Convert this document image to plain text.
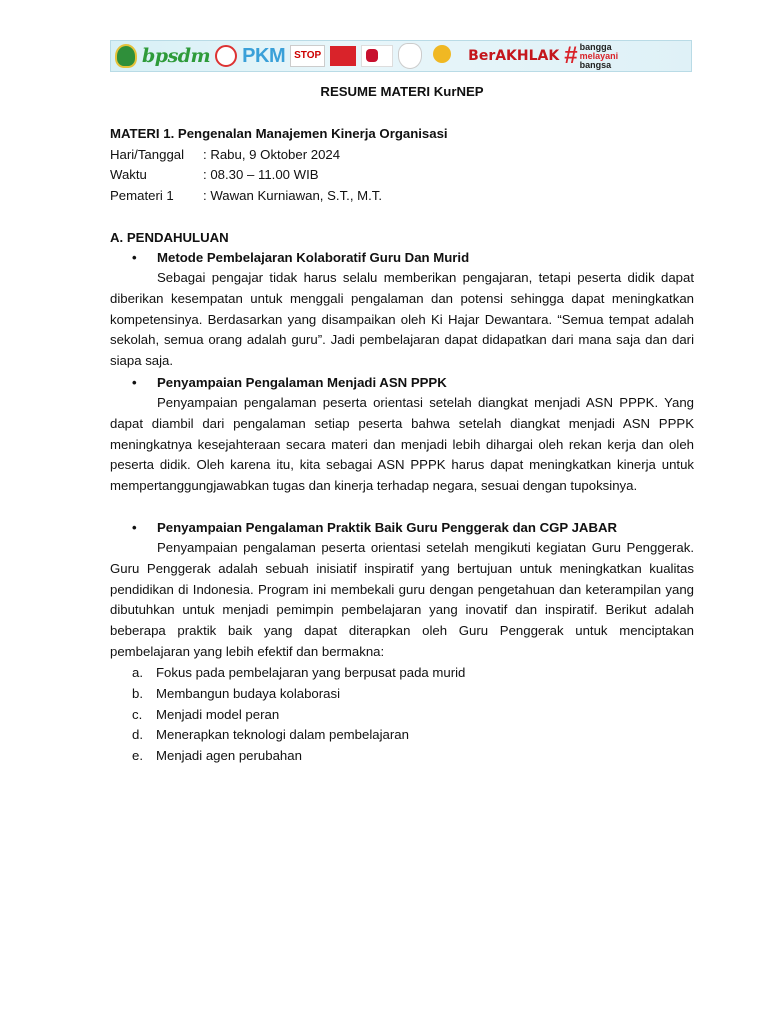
bpsdm PKM STOP	BerAKHLAK # bangga
melayani
bangsa
RESUME MATERI KurNEP
MATERI 1. Pengenalan Manajemen Kinerja Organisasi
Hari/Tanggal : Rabu, 9 Oktober 2024
Waktu	: 08.30 – 11.00 WIB
Pemateri 1 : Wawan Kurniawan, S.T., M.T.
A. PENDAHULUAN
• Metode Pembelajaran Kolaboratif Guru Dan Murid

Sebagai pengajar tidak harus selalu memberikan pengajaran, tetapi peserta didik dapat diberikan kesempatan untuk menggali pengalaman dan potensi sehingga dapat meningkatkan kompetensinya. Berdasarkan yang disampaikan oleh Ki Hajar Dewantara. “Semua tempat adalah sekolah, semua orang adalah guru”. Jadi pembelajaran dapat didapatkan dari mana saja dan dari siapa saja.

• Penyampaian Pengalaman Menjadi ASN PPPK

Penyampaian pengalaman peserta orientasi setelah diangkat menjadi ASN PPPK. Yang dapat diambil dari pengalaman setiap peserta bahwa setelah diangkat menjadi ASN PPPK meningkatnya kesejahteraan secara materi dan menjadi lebih dihargai oleh rekan kerja dan oleh peserta didik. Oleh karena itu, kita sebagai ASN PPPK harus dapat meningkatkan kinerja untuk mempertanggungjawabkan tugas dan kinerja terhadap negara, sesuai dengan tupoksinya.

• Penyampaian Pengalaman Praktik Baik Guru Penggerak dan CGP JABAR

Penyampaian pengalaman peserta orientasi setelah mengikuti kegiatan Guru Penggerak. Guru Penggerak adalah sebuah inisiatif inspiratif yang bertujuan untuk meningkatkan kualitas pendidikan di Indonesia. Program ini membekali guru dengan pengetahuan dan keterampilan yang dibutuhkan untuk menjadi pemimpin pembelajaran yang inovatif dan inspiratif. Berikut adalah beberapa praktik baik yang dapat diterapkan oleh Guru Penggerak untuk menciptakan pembelajaran yang lebih efektif dan bermakna:

a. Fokus pada pembelajaran yang berpusat pada murid
b. Membangun budaya kolaborasi
c. Menjadi model peran
d. Menerapkan teknologi dalam pembelajaran
e. Menjadi agen perubahan
